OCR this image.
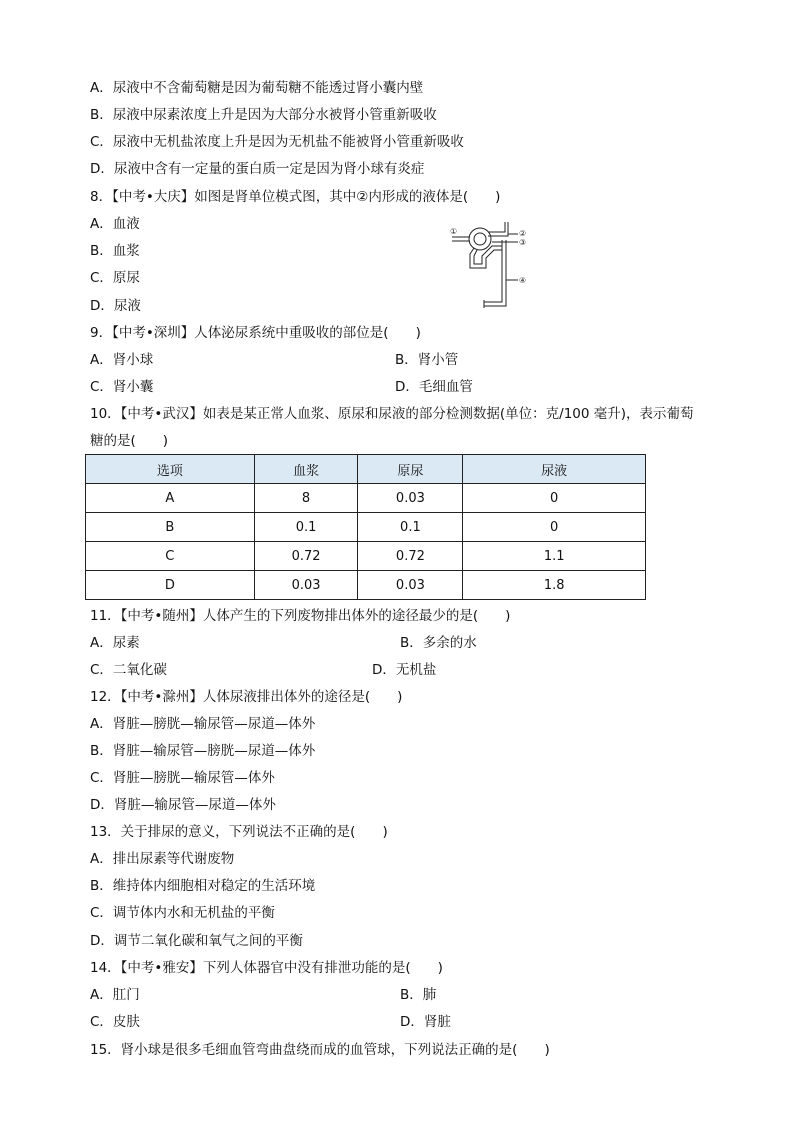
A．尿液中不含葡萄糖是因为葡萄糖不能透过肾小囊内壁
B．尿液中尿素浓度上升是因为大部分水被肾小管重新吸收
C．尿液中无机盐浓度上升是因为无机盐不能被肾小管重新吸收
D．尿液中含有一定量的蛋白质一定是因为肾小球有炎症
8．【中考•大庆】如图是肾单位模式图，其中②内形成的液体是(　　)
A．血液
B．血浆
C．原尿
D．尿液
①	②
③
④
9．【中考•深圳】人体泌尿系统中重吸收的部位是(　　)
A．肾小球	B．肾小管
C．肾小囊	D．毛细血管
10．【中考•武汉】如表是某正常人血浆、原尿和尿液的部分检测数据(单位：克/100 毫升)，表示葡萄
糖的是(　　)
选项	血浆	原尿	尿液
A	8	0.03	0
B	0.1	0.1	0
C	0.72	0.72	1.1
D	0.03	0.03	1.8
11．【中考•随州】人体产生的下列废物排出体外的途径最少的是(　　)
A．尿素	B．多余的水
C．二氧化碳	D．无机盐
12．【中考•滁州】人体尿液排出体外的途径是(　　)
A．肾脏—膀胱—输尿管—尿道—体外
B．肾脏—输尿管—膀胱—尿道—体外
C．肾脏—膀胱—输尿管—体外
D．肾脏—输尿管—尿道—体外
13．关于排尿的意义，下列说法不正确的是(　　)
A．排出尿素等代谢废物
B．维持体内细胞相对稳定的生活环境
C．调节体内水和无机盐的平衡
D．调节二氧化碳和氧气之间的平衡
14．【中考•雅安】下列人体器官中没有排泄功能的是(　　)
A．肛门	B．肺
C．皮肤	D．肾脏
15．肾小球是很多毛细血管弯曲盘绕而成的血管球，下列说法正确的是(　　)
